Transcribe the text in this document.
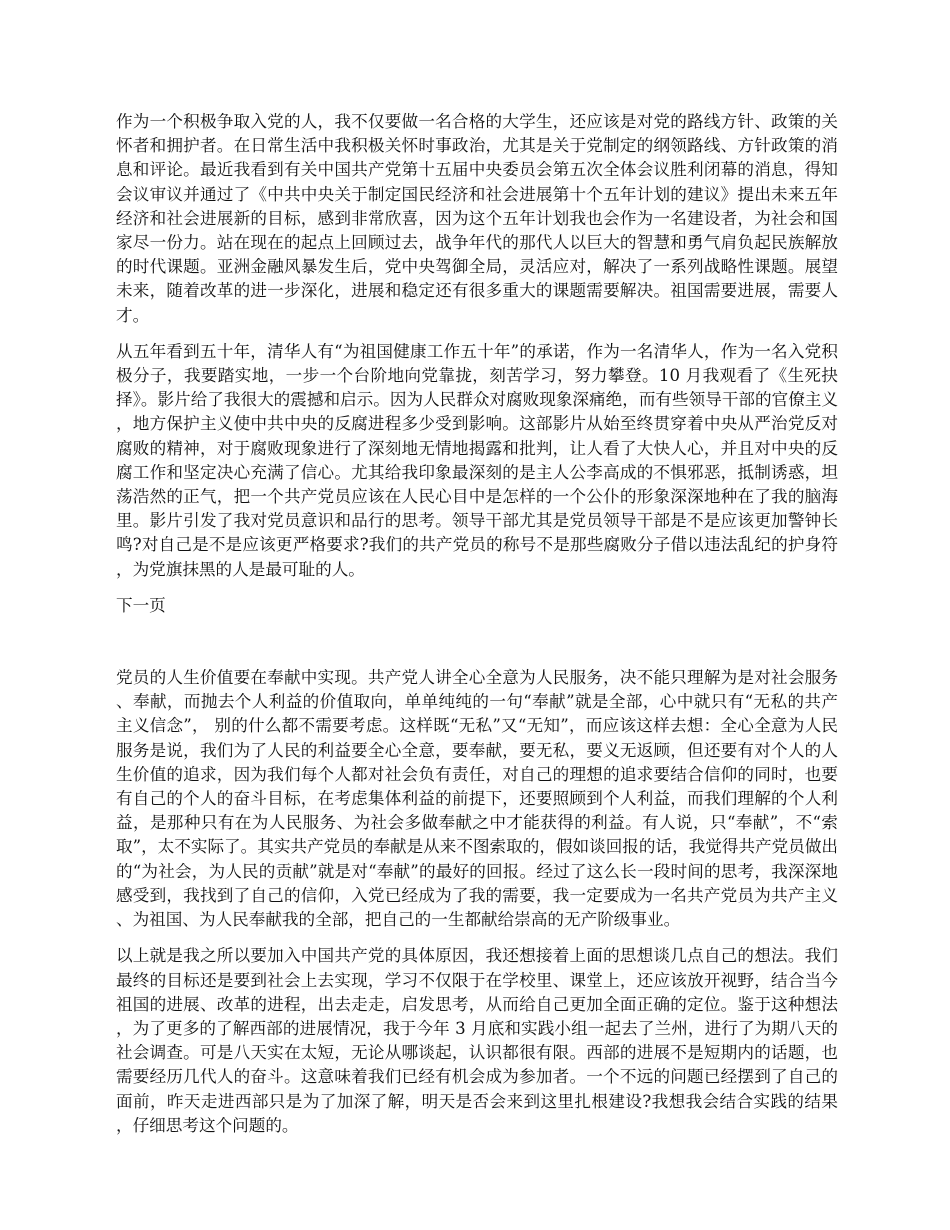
作为一个积极争取入党的人，我不仅要做一名合格的大学生，还应该是对党的路线方针、政策的关怀者和拥护者。在日常生活中我积极关怀时事政治，尤其是关于党制定的纲领路线、方针政策的消息和评论。最近我看到有关中国共产党第十五届中央委员会第五次全体会议胜利闭幕的消息，得知会议审议并通过了《中共中央关于制定国民经济和社会进展第十个五年计划的建议》提出未来五年经济和社会进展新的目标，感到非常欣喜，因为这个五年计划我也会作为一名建设者，为社会和国家尽一份力。站在现在的起点上回顾过去，战争年代的那代人以巨大的智慧和勇气肩负起民族解放的时代课题。亚洲金融风暴发生后，党中央驾御全局，灵活应对，解决了一系列战略性课题。展望未来，随着改革的进一步深化，进展和稳定还有很多重大的课题需要解决。祖国需要进展，需要人才。

从五年看到五十年，清华人有“为祖国健康工作五十年”的承诺，作为一名清华人，作为一名入党积极分子，我要踏实地，一步一个台阶地向党靠拢，刻苦学习，努力攀登。10 月我观看了《生死抉择》。影片给了我很大的震撼和启示。因为人民群众对腐败现象深痛绝，而有些领导干部的官僚主义，地方保护主义使中共中央的反腐进程多少受到影响。这部影片从始至终贯穿着中央从严治党反对腐败的精神，对于腐败现象进行了深刻地无情地揭露和批判，让人看了大快人心，并且对中央的反腐工作和坚定决心充满了信心。尤其给我印象最深刻的是主人公李高成的不惧邪恶，抵制诱惑，坦荡浩然的正气，把一个共产党员应该在人民心目中是怎样的一个公仆的形象深深地种在了我的脑海里。影片引发了我对党员意识和品行的思考。领导干部尤其是党员领导干部是不是应该更加警钟长鸣?对自己是不是应该更严格要求?我们的共产党员的称号不是那些腐败分子借以违法乱纪的护身符，为党旗抹黑的人是最可耻的人。

下一页

党员的人生价值要在奉献中实现。共产党人讲全心全意为人民服务，决不能只理解为是对社会服务、奉献，而抛去个人利益的价值取向，单单纯纯的一句“奉献”就是全部，心中就只有“无私的共产主义信念”， 别的什么都不需要考虑。这样既“无私”又“无知”，而应该这样去想：全心全意为人民服务是说，我们为了人民的利益要全心全意，要奉献，要无私，要义无返顾，但还要有对个人的人生价值的追求，因为我们每个人都对社会负有责任，对自己的理想的追求要结合信仰的同时，也要有自己的个人的奋斗目标，在考虑集体利益的前提下，还要照顾到个人利益，而我们理解的个人利益，是那种只有在为人民服务、为社会多做奉献之中才能获得的利益。有人说，只“奉献”，不“索取”，太不实际了。其实共产党员的奉献是从来不图索取的，假如谈回报的话，我觉得共产党员做出的“为社会，为人民的贡献”就是对“奉献”的最好的回报。经过了这么长一段时间的思考，我深深地感受到，我找到了自己的信仰，入党已经成为了我的需要，我一定要成为一名共产党员为共产主义、为祖国、为人民奉献我的全部，把自己的一生都献给崇高的无产阶级事业。

以上就是我之所以要加入中国共产党的具体原因，我还想接着上面的思想谈几点自己的想法。我们最终的目标还是要到社会上去实现，学习不仅限于在学校里、课堂上，还应该放开视野，结合当今祖国的进展、改革的进程，出去走走，启发思考，从而给自己更加全面正确的定位。鉴于这种想法，为了更多的了解西部的进展情况，我于今年 3 月底和实践小组一起去了兰州，进行了为期八天的社会调查。可是八天实在太短，无论从哪谈起，认识都很有限。西部的进展不是短期内的话题，也需要经历几代人的奋斗。这意味着我们已经有机会成为参加者。一个不远的问题已经摆到了自己的面前，昨天走进西部只是为了加深了解，明天是否会来到这里扎根建设?我想我会结合实践的结果，仔细思考这个问题的。
